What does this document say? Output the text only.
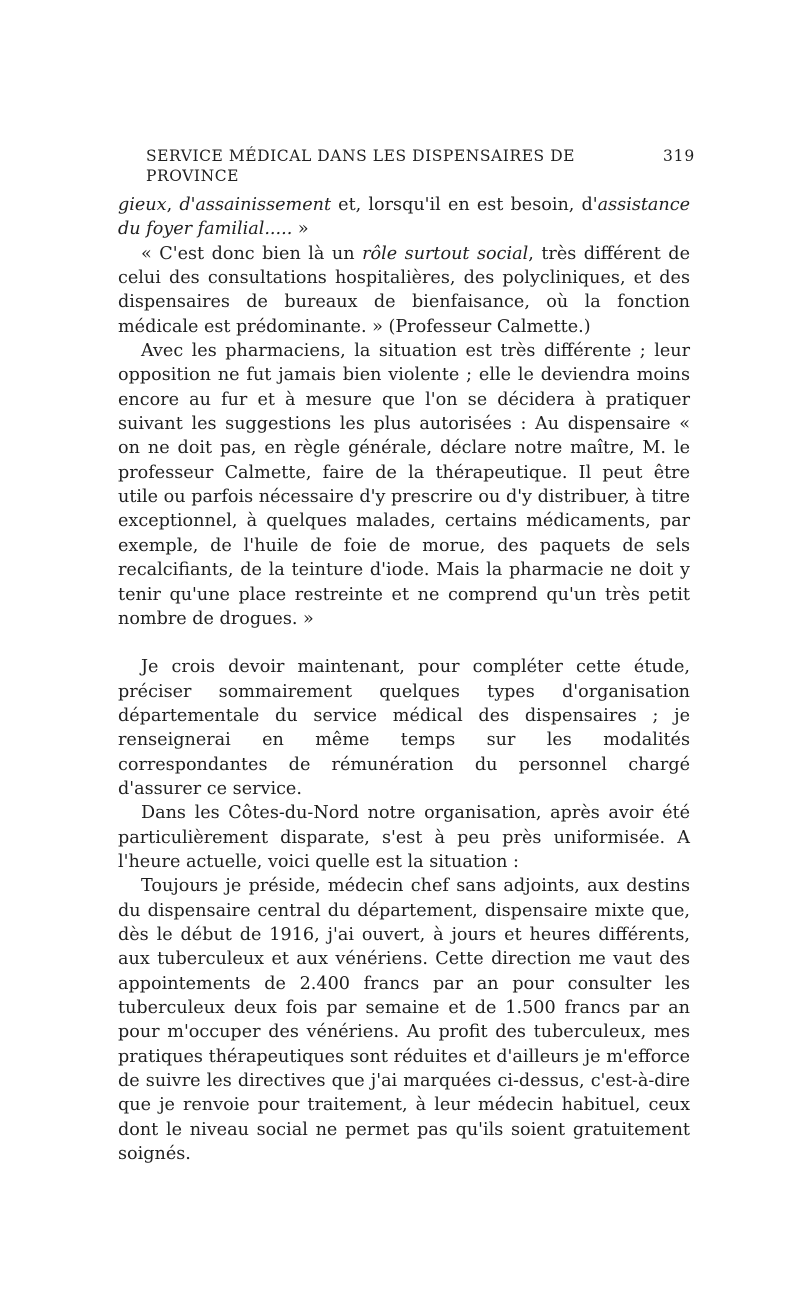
SERVICE MÉDICAL DANS LES DISPENSAIRES DE PROVINCE
319

gieux, d'assainissement et, lorsqu'il en est besoin, d'assistance du foyer familial..... »

« C'est donc bien là un rôle surtout social, très différent de celui des consultations hospitalières, des polycliniques, et des dispensaires de bureaux de bienfaisance, où la fonction médicale est prédominante. » (Professeur Calmette.)

Avec les pharmaciens, la situation est très différente ; leur opposition ne fut jamais bien violente ; elle le deviendra moins encore au fur et à mesure que l'on se décidera à pratiquer suivant les suggestions les plus autorisées : Au dispensaire « on ne doit pas, en règle générale, déclare notre maître, M. le professeur Calmette, faire de la thérapeutique. Il peut être utile ou parfois nécessaire d'y prescrire ou d'y distribuer, à titre exceptionnel, à quelques malades, certains médicaments, par exemple, de l'huile de foie de morue, des paquets de sels recalcifiants, de la teinture d'iode. Mais la pharmacie ne doit y tenir qu'une place restreinte et ne comprend qu'un très petit nombre de drogues. »

Je crois devoir maintenant, pour compléter cette étude, préciser sommairement quelques types d'organisation départementale du service médical des dispensaires ; je renseignerai en même temps sur les modalités correspondantes de rémunération du personnel chargé d'assurer ce service.

Dans les Côtes-du-Nord notre organisation, après avoir été particulièrement disparate, s'est à peu près uniformisée. A l'heure actuelle, voici quelle est la situation :

Toujours je préside, médecin chef sans adjoints, aux destins du dispensaire central du département, dispensaire mixte que, dès le début de 1916, j'ai ouvert, à jours et heures différents, aux tuberculeux et aux vénériens. Cette direction me vaut des appointements de 2.400 francs par an pour consulter les tuberculeux deux fois par semaine et de 1.500 francs par an pour m'occuper des vénériens. Au profit des tuberculeux, mes pratiques thérapeutiques sont réduites et d'ailleurs je m'efforce de suivre les directives que j'ai marquées ci-dessus, c'est-à-dire que je renvoie pour traitement, à leur médecin habituel, ceux dont le niveau social ne permet pas qu'ils soient gratuitement soignés.
